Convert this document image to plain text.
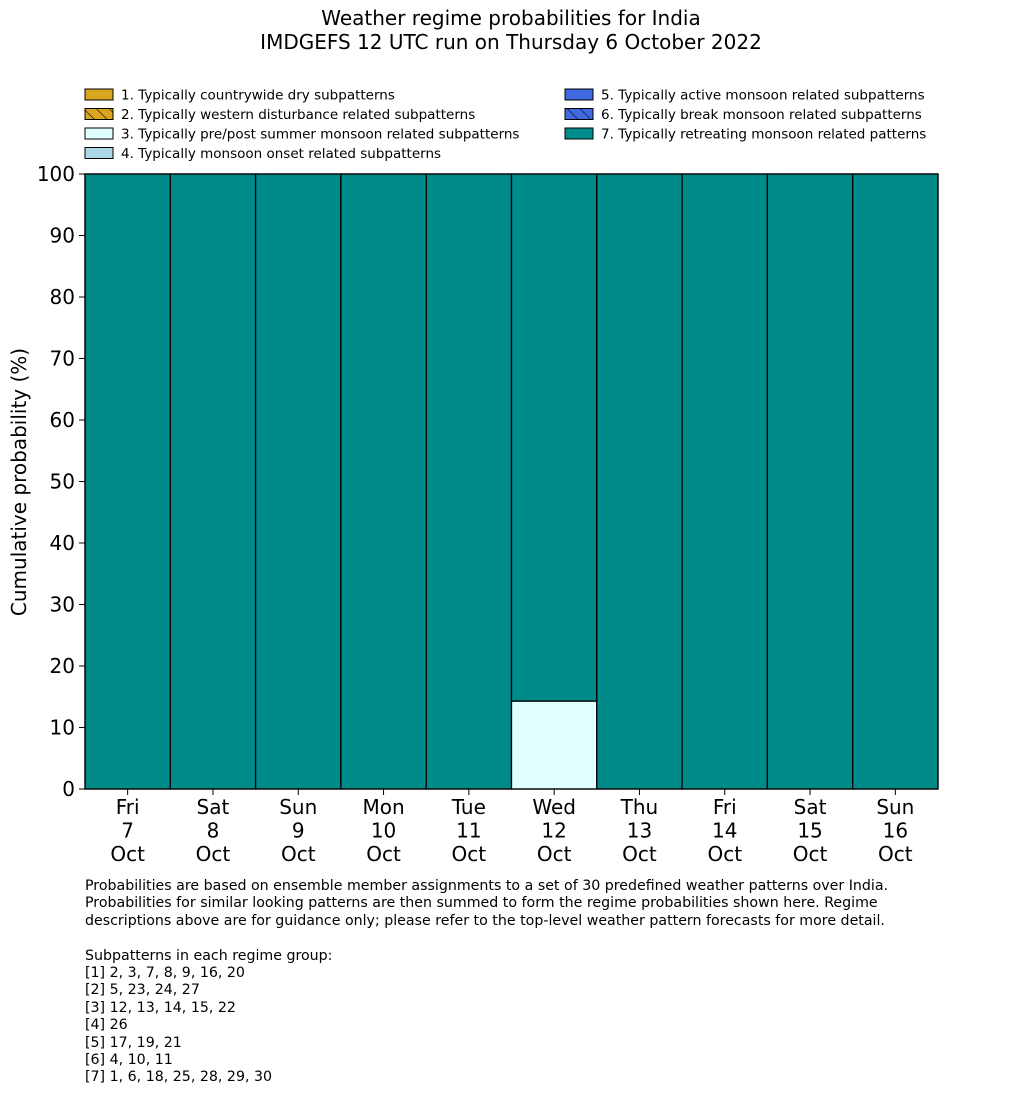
Weather regime probabilities for India
IMDGEFS 12 UTC run on Thursday 6 October 2022
1. Typically countrywide dry subpatterns
2. Typically western disturbance related subpatterns
3. Typically pre/post summer monsoon related subpatterns
4. Typically monsoon onset related subpatterns
5. Typically active monsoon related subpatterns
6. Typically break monsoon related subpatterns
7. Typically retreating monsoon related patterns
0
10
20
30
40
50
60
70
80
90
100
Fri
7
Oct
Sat
8
Oct
Sun
9
Oct
Mon
10
Oct
Tue
11
Oct
Wed
12
Oct
Thu
13
Oct
Fri
14
Oct
Sat
15
Oct
Sun
16
Oct
Cumulative probability (%)

Probabilities are based on ensemble member assignments to a set of 30 predefined weather patterns over India.

Probabilities for similar looking patterns are then summed to form the regime probabilities shown here. Regime

descriptions above are for guidance only; please refer to the top-level weather pattern forecasts for more detail.

Subpatterns in each regime group:

[1] 2, 3, 7, 8, 9, 16, 20

[2] 5, 23, 24, 27

[3] 12, 13, 14, 15, 22

[4] 26

[5] 17, 19, 21

[6] 4, 10, 11

[7] 1, 6, 18, 25, 28, 29, 30
